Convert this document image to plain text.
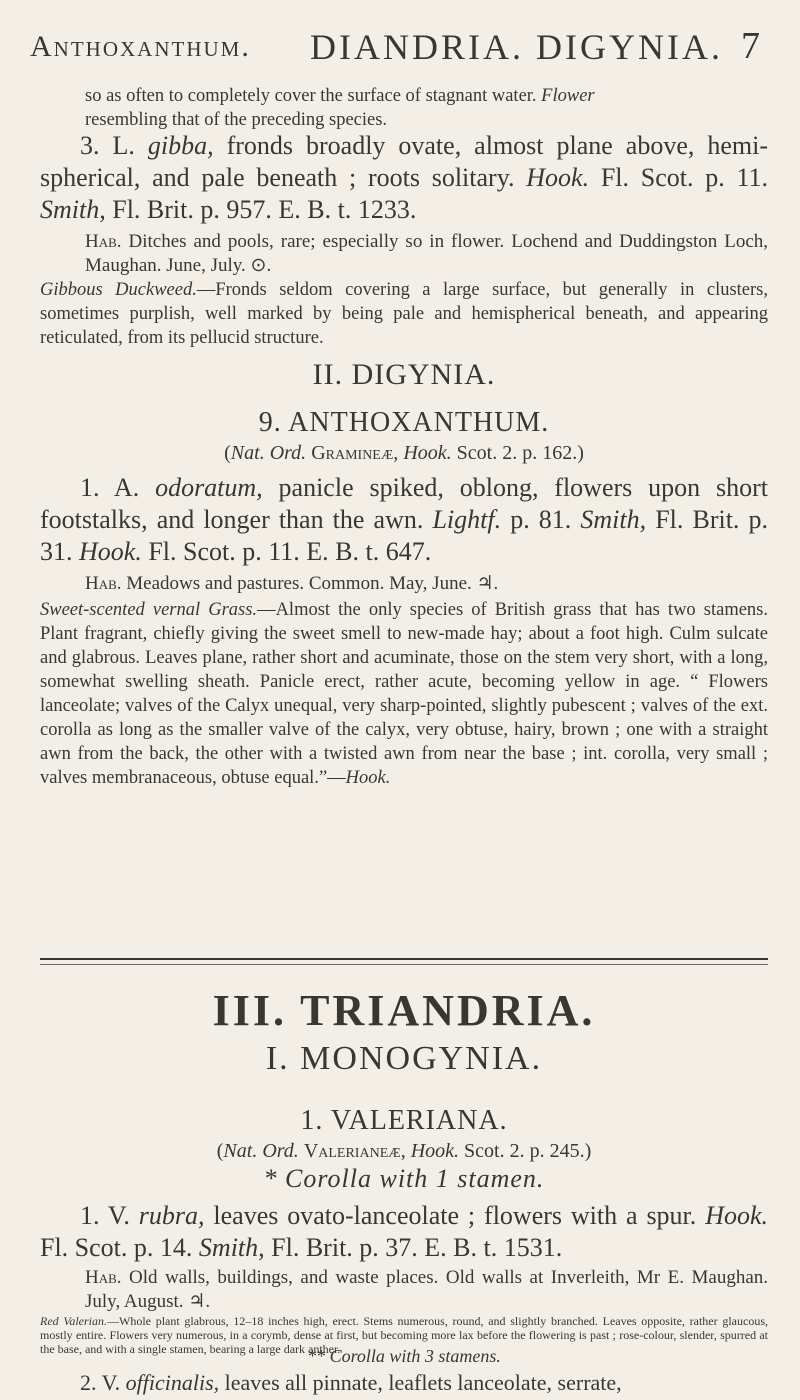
Anthoxanthum. DIANDRIA. DIGYNIA. 7
so as often to completely cover the surface of stagnant water. Flower
resembling that of the preceding species.
3. L. gibba, fronds broadly ovate, almost plane above, hemispherical, and pale beneath ; roots solitary. Hook. Fl. Scot. p. 11. Smith, Fl. Brit. p. 957. E. B. t. 1233.
Hab. Ditches and pools, rare; especially so in flower. Lochend and Duddingston Loch, Maughan. June, July. ⊙.
Gibbous Duckweed.—Fronds seldom covering a large surface, but generally in clusters, sometimes purplish, well marked by being pale and hemispherical beneath, and appearing reticulated, from its pellucid structure.
II. DIGYNIA.
9. ANTHOXANTHUM.
(Nat. Ord. Gramineæ, Hook. Scot. 2. p. 162.)
1. A. odoratum, panicle spiked, oblong, flowers upon short footstalks, and longer than the awn. Lightf. p. 81. Smith, Fl. Brit. p. 31. Hook. Fl. Scot. p. 11. E. B. t. 647.
Hab. Meadows and pastures. Common. May, June. ♃.
Sweet-scented vernal Grass.—Almost the only species of British grass that has two stamens. Plant fragrant, chiefly giving the sweet smell to new-made hay; about a foot high. Culm sulcate and glabrous. Leaves plane, rather short and acuminate, those on the stem very short, with a long, somewhat swelling sheath. Panicle erect, rather acute, becoming yellow in age. “ Flowers lanceolate; valves of the Calyx unequal, very sharp-pointed, slightly pubescent ; valves of the ext. corolla as long as the smaller valve of the calyx, very obtuse, hairy, brown ; one with a straight awn from the back, the other with a twisted awn from near the base ; int. corolla, very small ; valves membranaceous, obtuse equal.”—Hook.
III. TRIANDRIA.
I. MONOGYNIA.
1. VALERIANA.
(Nat. Ord. Valerianeæ, Hook. Scot. 2. p. 245.)
* Corolla with 1 stamen.
1. V. rubra, leaves ovato-lanceolate ; flowers with a spur. Hook. Fl. Scot. p. 14. Smith, Fl. Brit. p. 37. E. B. t. 1531.
Hab. Old walls, buildings, and waste places. Old walls at Inverleith, Mr E. Maughan. July, August. ♃.
Red Valerian.—Whole plant glabrous, 12–18 inches high, erect. Stems numerous, round, and slightly branched. Leaves opposite, rather glaucous, mostly entire. Flowers very numerous, in a corymb, dense at first, but becoming more lax before the flowering is past ; rose-colour, slender, spurred at the base, and with a single stamen, bearing a large dark anther.
** Corolla with 3 stamens.
2. V. officinalis, leaves all pinnate, leaflets lanceolate, serrate,
